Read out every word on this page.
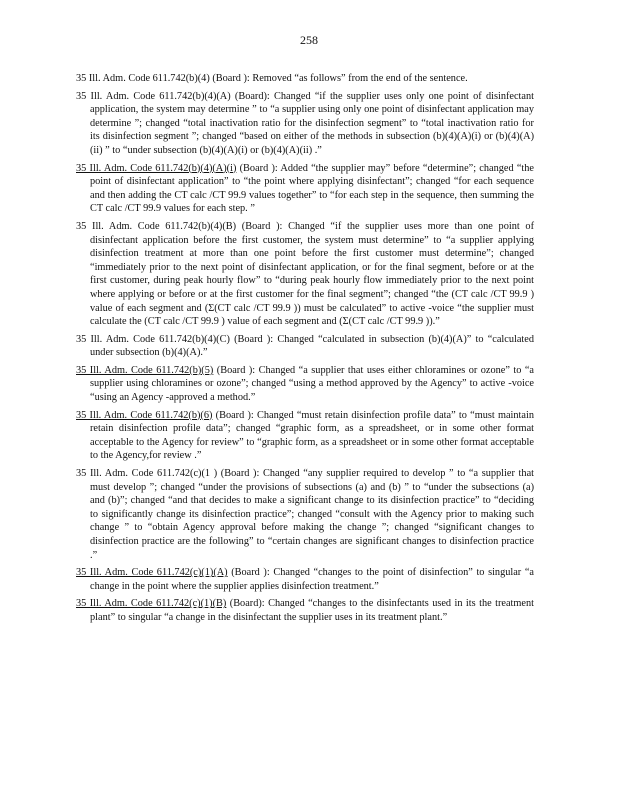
258
35 Ill. Adm. Code 611.742(b)(4) (Board ): Removed “as follows” from the end of the sentence.
35 Ill. Adm. Code 611.742(b)(4)(A) (Board): Changed “if the supplier uses only one point of disinfectant application, the system may determine ” to “a supplier using only one point of disinfectant application may determine ”; changed “total inactivation ratio for the disinfection segment” to “total inactivation ratio for its disinfection segment ”; changed “based on either of the methods in subsection (b)(4)(A)(i) or (b)(4)(A)(ii) ” to “under subsection (b)(4)(A)(i) or (b)(4)(A)(ii) .”
35 Ill. Adm. Code 611.742(b)(4)(A)(i) (Board ): Added “the supplier may” before “determine”; changed “the point of disinfectant application” to “the point where applying disinfectant”; changed “for each sequence and then adding the CT calc /CT 99.9 values together” to “for each step in the sequence, then summing the CT calc /CT 99.9 values for each step. ”
35 Ill. Adm. Code 611.742(b)(4)(B) (Board ): Changed “if the supplier uses more than one point of disinfectant application before the first customer, the system must determine” to “a supplier applying disinfection treatment at more than one point before the first customer must determine”; changed “immediately prior to the next point of disinfectant application, or for the final segment, before or at the first customer, during peak hourly flow” to “during peak hourly flow immediately prior to the next point where applying or before or at the first customer for the final segment”; changed “the (CT calc /CT 99.9 ) value of each segment and (Σ(CT calc /CT 99.9 )) must be calculated” to active -voice “the supplier must calculate the (CT calc /CT 99.9 ) value of each segment and (Σ(CT calc /CT 99.9 )).”
35 Ill. Adm. Code 611.742(b)(4)(C) (Board ): Changed “calculated in subsection (b)(4)(A)” to “calculated under subsection (b)(4)(A).”
35 Ill. Adm. Code 611.742(b)(5) (Board ): Changed “a supplier that uses either chloramines or ozone” to “a supplier using chloramines or ozone”; changed “using a method approved by the Agency” to active -voice “using an Agency -approved a method.”
35 Ill. Adm. Code 611.742(b)(6) (Board ): Changed “must retain disinfection profile data” to “must maintain retain disinfection profile data”; changed “graphic form, as a spreadsheet, or in some other format acceptable to the Agency for review” to “graphic form, as a spreadsheet or in some other format acceptable to the Agency,for review .”
35 Ill. Adm. Code 611.742(c)(1 ) (Board ): Changed “any supplier required to develop ” to “a supplier that must develop ”; changed “under the provisions of subsections (a) and (b) ” to “under the subsections (a) and (b)”; changed “and that decides to make a significant change to its disinfection practice” to “deciding to significantly change its disinfection practice”; changed “consult with the Agency prior to making such change ” to “obtain Agency approval before making the change ”; changed “significant changes to disinfection practice are the following” to “certain changes are significant changes to disinfection practice .”
35 Ill. Adm. Code 611.742(c)(1)(A) (Board ): Changed “changes to the point of disinfection” to singular “a change in the point where the supplier applies disinfection treatment.”
35 Ill. Adm. Code 611.742(c)(1)(B) (Board): Changed “changes to the disinfectants used in its the treatment plant” to singular “a change in the disinfectant the supplier uses in its treatment plant.”
